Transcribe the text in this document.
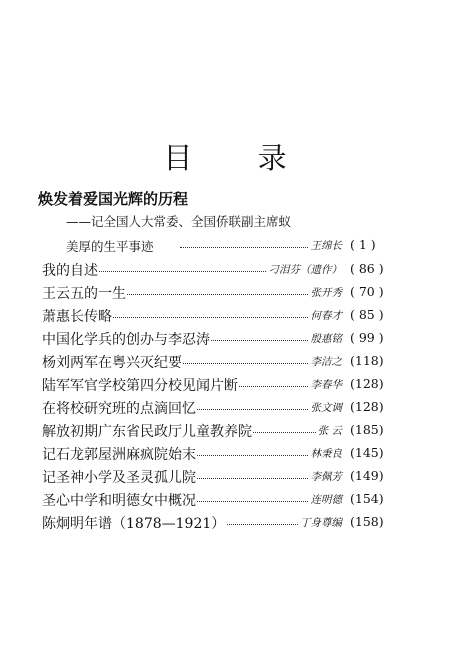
目 录
焕发着爱国光辉的历程
——记全国人大常委、全国侨联副主席蚁
美厚的生平事迹	王绵长 ( 1 )
我的自述	刁泪芬（遗作） ( 86 )
王云五的一生	张开秀 ( 70 )
萧惠长传略	何春才 ( 85 )
中国化学兵的创办与李忍涛	殷惠铭 ( 99 )
杨刘两军在粤兴灭纪要	李洁之 (118)
陆军军官学校第四分校见闻片断	李春华 (128)
在将校研究班的点滴回忆	张文调 (128)
解放初期广东省民政厅儿童教养院	张 云 (185)
记石龙郭屋洲麻疯院始末	林秉良 (145)
记圣神小学及圣灵孤儿院	李佩芳 (149)
圣心中学和明德女中概况	连明德 (154)
陈炯明年谱（1878—1921）	丁身尊编 (158)
